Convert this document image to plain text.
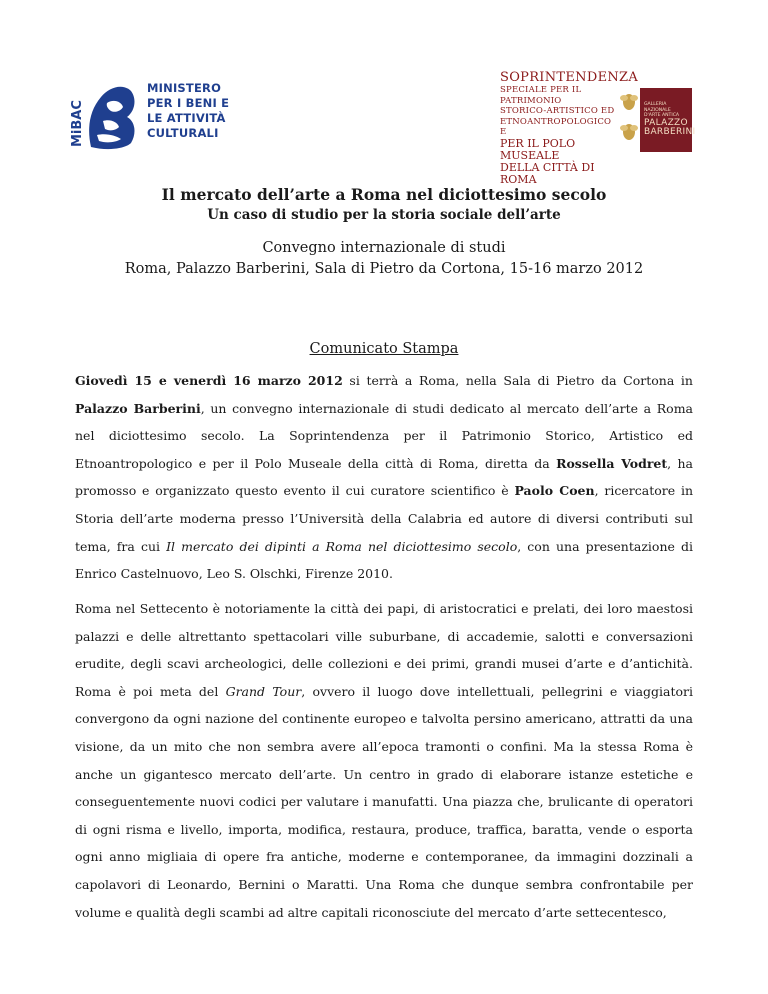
MiBAC
MINISTERO
PER I BENI E
LE ATTIVITÀ
CULTURALI
SOPRINTENDENZA
SPECIALE PER IL PATRIMONIO
STORICO-ARTISTICO ED
ETNOANTROPOLOGICO E
PER IL POLO MUSEALE
DELLA CITTÀ DI ROMA
GALLERIA NAZIONALE
D'ARTE ANTICA
PALAZZO
BARBERINI
Il mercato dell’arte a Roma nel diciottesimo secolo
Un caso di studio per la storia sociale dell’arte
Convegno internazionale di studi
Roma, Palazzo Barberini, Sala di Pietro da Cortona, 15-16 marzo 2012
Comunicato Stampa

Giovedì 15 e venerdì 16 marzo 2012 si terrà a Roma, nella Sala di Pietro da Cortona in Palazzo Barberini, un convegno internazionale di studi dedicato al mercato dell’arte a Roma nel diciottesimo secolo. La Soprintendenza per il Patrimonio Storico, Artistico ed Etnoantropologico e per il Polo Museale della città di Roma, diretta da Rossella Vodret, ha promosso e organizzato questo evento il cui curatore scientifico è Paolo Coen, ricercatore in Storia dell’arte moderna presso l’Università della Calabria ed autore di diversi contributi sul tema, fra cui Il mercato dei dipinti a Roma nel diciottesimo secolo, con una presentazione di Enrico Castelnuovo, Leo S. Olschki, Firenze 2010.

Roma nel Settecento è notoriamente la città dei papi, di aristocratici e prelati, dei loro maestosi palazzi e delle altrettanto spettacolari ville suburbane, di accademie, salotti e conversazioni erudite, degli scavi archeologici, delle collezioni e dei primi, grandi musei d’arte e d’antichità. Roma è poi meta del Grand Tour, ovvero il luogo dove intellettuali, pellegrini e viaggiatori convergono da ogni nazione del continente europeo e talvolta persino americano, attratti da una visione, da un mito che non sembra avere all’epoca tramonti o confini. Ma la stessa Roma è anche un gigantesco mercato dell’arte. Un centro in grado di elaborare istanze estetiche e conseguentemente nuovi codici per valutare i manufatti. Una piazza che, brulicante di operatori di ogni risma e livello, importa, modifica, restaura, produce, traffica, baratta, vende o esporta ogni anno migliaia di opere fra antiche, moderne e contemporanee, da immagini dozzinali a capolavori di Leonardo, Bernini o Maratti. Una Roma che dunque sembra confrontabile per volume e qualità degli scambi ad altre capitali riconosciute del mercato d’arte settecentesco,
